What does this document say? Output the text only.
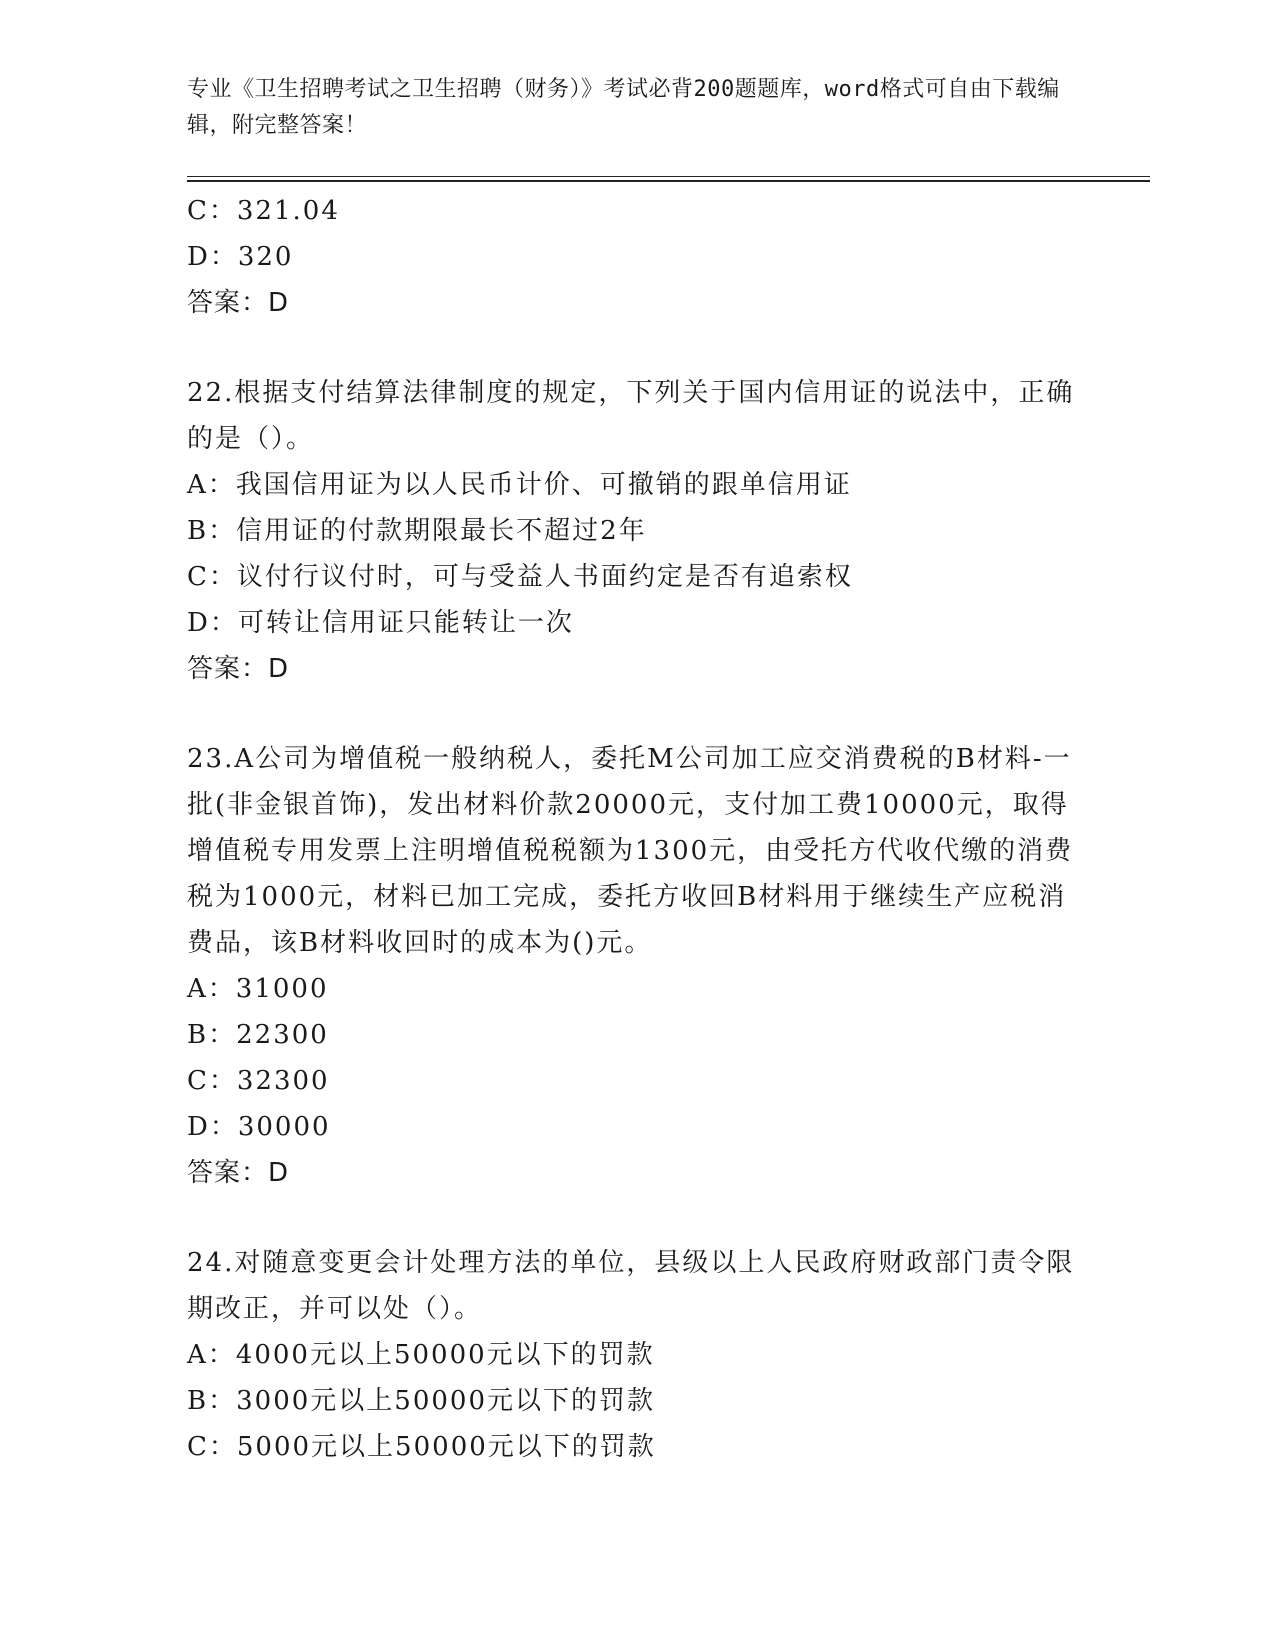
专业《卫生招聘考试之卫生招聘（财务）》考试必背200题题库，word格式可自由下载编辑，附完整答案！
C：321.04
D：320
答案：D
22.根据支付结算法律制度的规定，下列关于国内信用证的说法中，正确的是（）。
A：我国信用证为以人民币计价、可撤销的跟单信用证
B：信用证的付款期限最长不超过2年
C：议付行议付时，可与受益人书面约定是否有追索权
D：可转让信用证只能转让一次
答案：D
23.A公司为增值税一般纳税人，委托M公司加工应交消费税的B材料-一批(非金银首饰)，发出材料价款20000元，支付加工费10000元，取得增值税专用发票上注明增值税税额为1300元，由受托方代收代缴的消费税为1000元，材料已加工完成，委托方收回B材料用于继续生产应税消费品，该B材料收回时的成本为()元。
A：31000
B：22300
C：32300
D：30000
答案：D
24.对随意变更会计处理方法的单位，县级以上人民政府财政部门责令限期改正，并可以处（）。
A：4000元以上50000元以下的罚款
B：3000元以上50000元以下的罚款
C：5000元以上50000元以下的罚款
